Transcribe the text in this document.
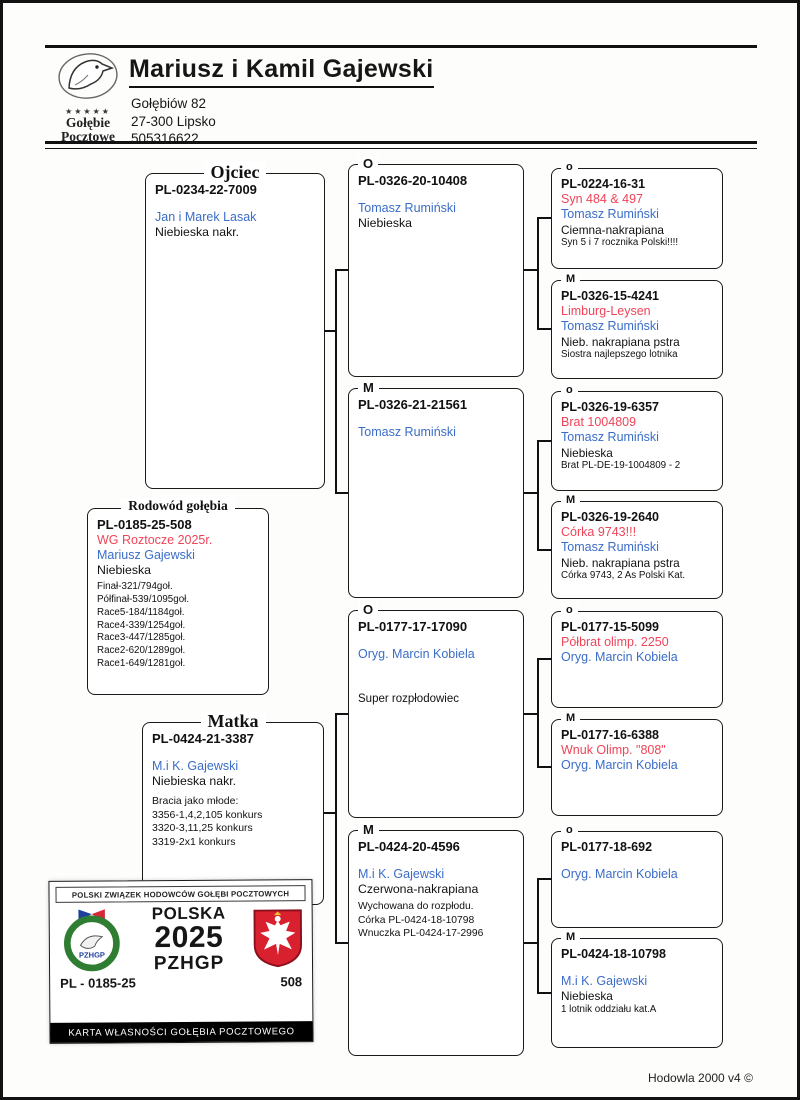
★★★★★
Gołębie
Pocztowe
Mariusz i Kamil Gajewski
Gołębiów 82
27-300 Lipsko
505316622
Ojciec
PL-0234-22-7009
Jan i Marek Lasak
Niebieska nakr.
Rodowód gołębia
PL-0185-25-508
WG Roztocze 2025r.
Mariusz Gajewski
Niebieska
Finał-321/794goł.
Półfinał-539/1095goł.
Race5-184/1184goł.
Race4-339/1254goł.
Race3-447/1285goł.
Race2-620/1289goł.
Race1-649/1281goł.
Matka
PL-0424-21-3387
M.i K. Gajewski
Niebieska nakr.
Bracia jako młode:
3356-1,4,2,105 konkurs
3320-3,11,25 konkurs
3319-2x1 konkurs
O
PL-0326-20-10408
Tomasz Rumiński
Niebieska
M
PL-0326-21-21561
Tomasz Rumiński
O
PL-0177-17-17090
Oryg. Marcin Kobiela
Super rozpłodowiec
M
PL-0424-20-4596
M.i K. Gajewski
Czerwona-nakrapiana
Wychowana do rozpłodu.
Córka PL-0424-18-10798
Wnuczka PL-0424-17-2996
o
PL-0224-16-31
Syn 484 & 497
Tomasz Rumiński
Ciemna-nakrapiana
Syn 5 i 7 rocznika Polski!!!!
M
PL-0326-15-4241
Limburg-Leysen
Tomasz Rumiński
Nieb. nakrapiana pstra
Siostra najlepszego lotnika
o
PL-0326-19-6357
Brat 1004809
Tomasz Rumiński
Niebieska
Brat PL-DE-19-1004809 - 2
M
PL-0326-19-2640
Córka 9743!!!
Tomasz Rumiński
Nieb. nakrapiana pstra
Córka 9743, 2 As Polski Kat.
o
PL-0177-15-5099
Półbrat olimp. 2250
Oryg. Marcin Kobiela
M
PL-0177-16-6388
Wnuk Olimp. "808"
Oryg. Marcin Kobiela
o
PL-0177-18-692
Oryg. Marcin Kobiela
M
PL-0424-18-10798
M.i K. Gajewski
Niebieska
1 lotnik oddziału kat.A
POLSKI ZWIĄZEK HODOWCÓW GOŁĘBI POCZTOWYCH
PZHGP
POLSKA
2025
PZHGP
PL - 0185-25	508
KARTA WŁASNOŚCI GOŁĘBIA POCZTOWEGO
Hodowla 2000 v4 ©
